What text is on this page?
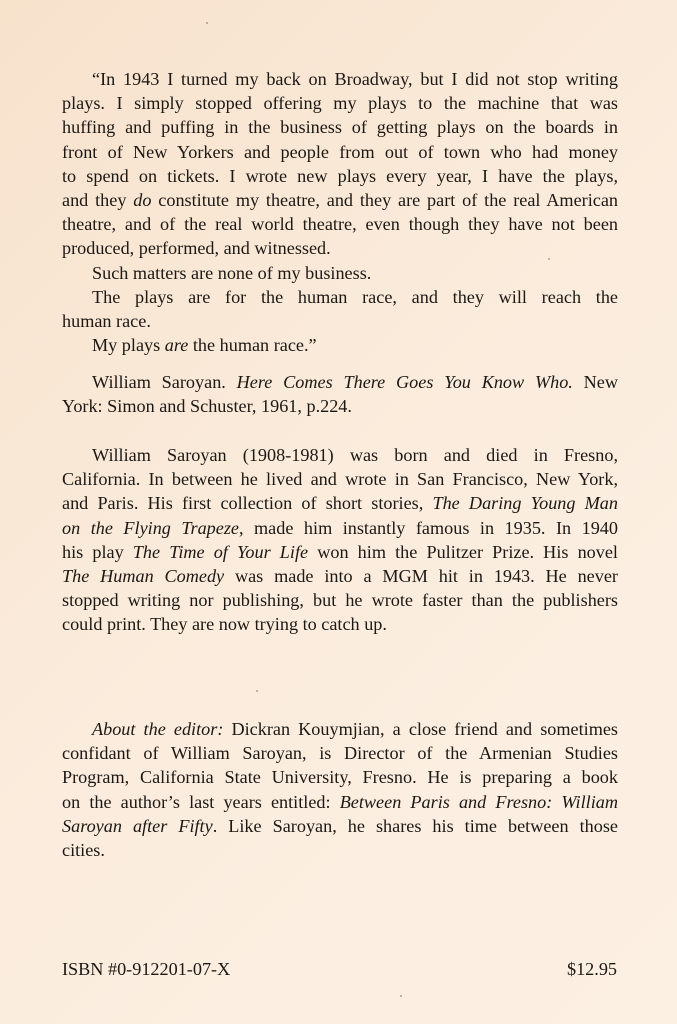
“In 1943 I turned my back on Broadway, but I did not stop writing
plays. I simply stopped offering my plays to the machine that was
huffing and puffing in the business of getting plays on the boards in
front of New Yorkers and people from out of town who had money
to spend on tickets. I wrote new plays every year, I have the plays,
and they do constitute my theatre, and they are part of the real American
theatre, and of the real world theatre, even though they have not been
produced, performed, and witnessed.
Such matters are none of my business.
The plays are for the human race, and they will reach the
human race.
My plays are the human race.”
William Saroyan. Here Comes There Goes You Know Who. New
York: Simon and Schuster, 1961, p.224.
William Saroyan (1908-1981) was born and died in Fresno,
California. In between he lived and wrote in San Francisco, New York,
and Paris. His first collection of short stories, The Daring Young Man
on the Flying Trapeze, made him instantly famous in 1935. In 1940
his play The Time of Your Life won him the Pulitzer Prize. His novel
The Human Comedy was made into a MGM hit in 1943. He never
stopped writing nor publishing, but he wrote faster than the publishers
could print. They are now trying to catch up.
About the editor: Dickran Kouymjian, a close friend and sometimes
confidant of William Saroyan, is Director of the Armenian Studies
Program, California State University, Fresno. He is preparing a book
on the author’s last years entitled: Between Paris and Fresno: William
Saroyan after Fifty. Like Saroyan, he shares his time between those
cities.

ISBN #0-912201-07-X	$12.95
